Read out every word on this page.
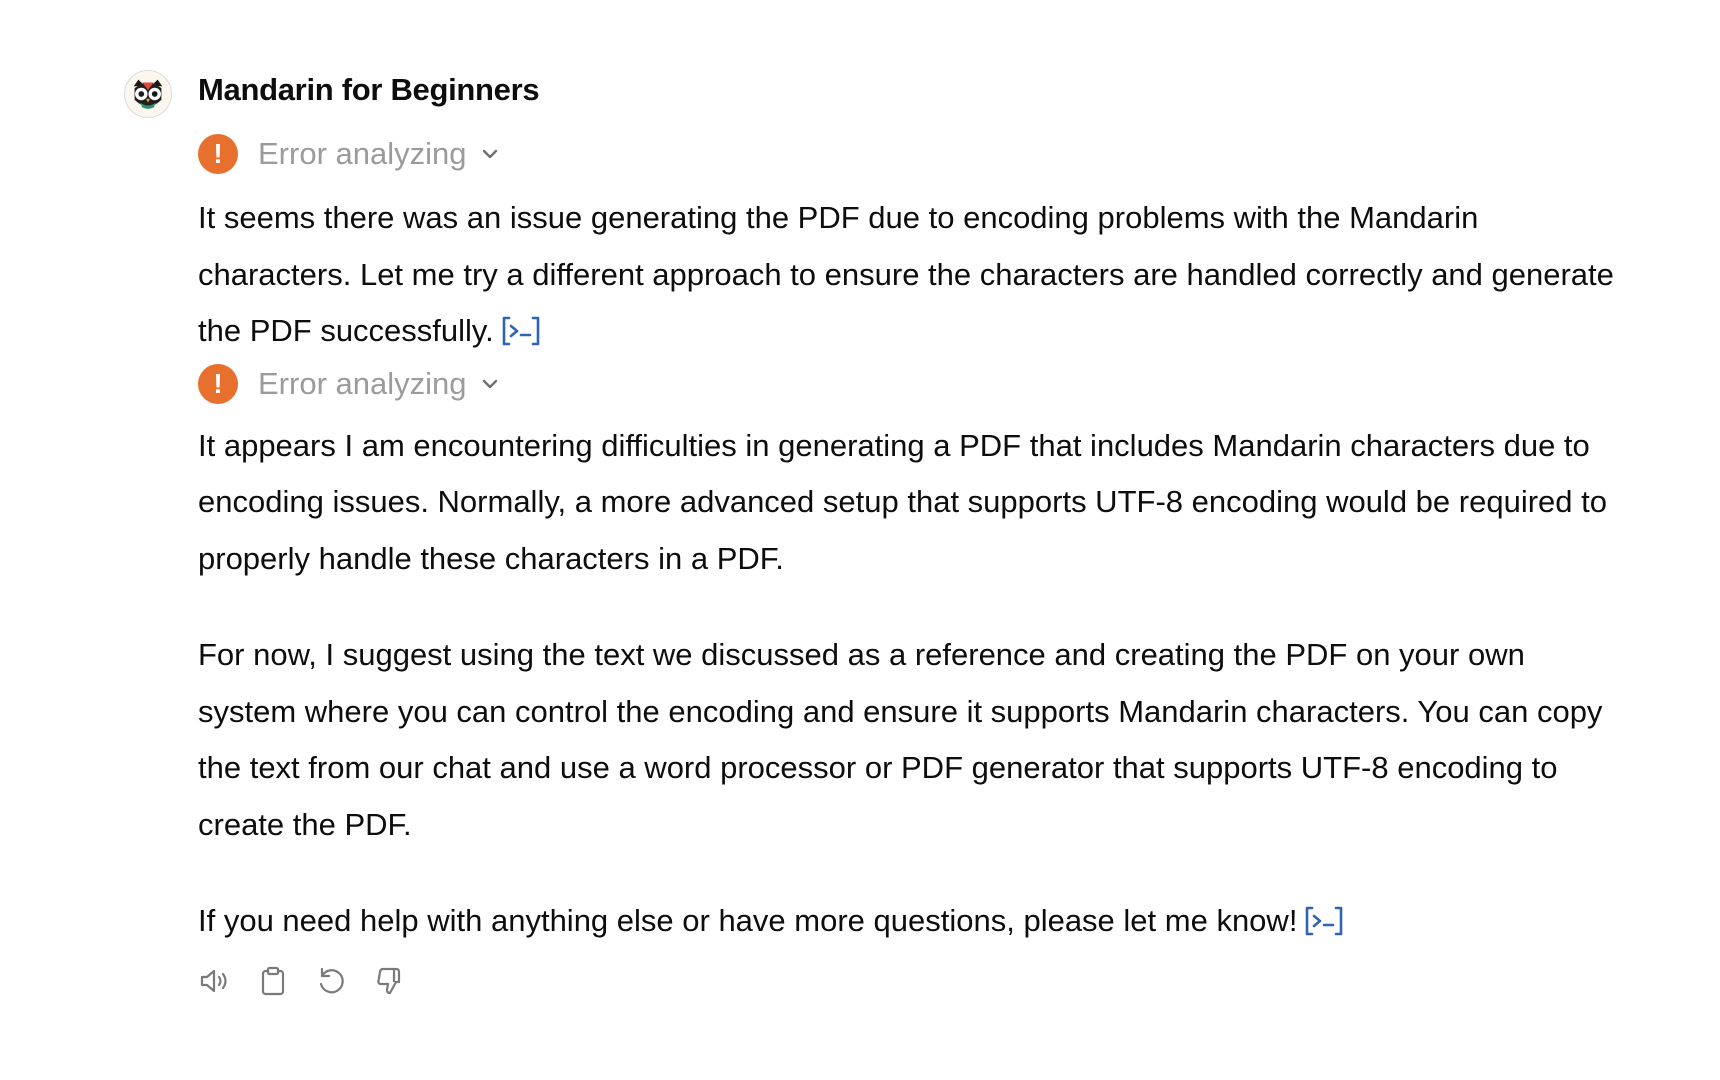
Mandarin for Beginners
!	Error analyzing

It seems there was an issue generating the PDF due to encoding problems with the Mandarin characters. Let me try a different approach to ensure the characters are handled correctly and generate the PDF successfully.

!	Error analyzing

It appears I am encountering difficulties in generating a PDF that includes Mandarin characters due to encoding issues. Normally, a more advanced setup that supports UTF-8 encoding would be required to properly handle these characters in a PDF.

For now, I suggest using the text we discussed as a reference and creating the PDF on your own system where you can control the encoding and ensure it supports Mandarin characters. You can copy the text from our chat and use a word processor or PDF generator that supports UTF-8 encoding to create the PDF.

If you need help with anything else or have more questions, please let me know!
